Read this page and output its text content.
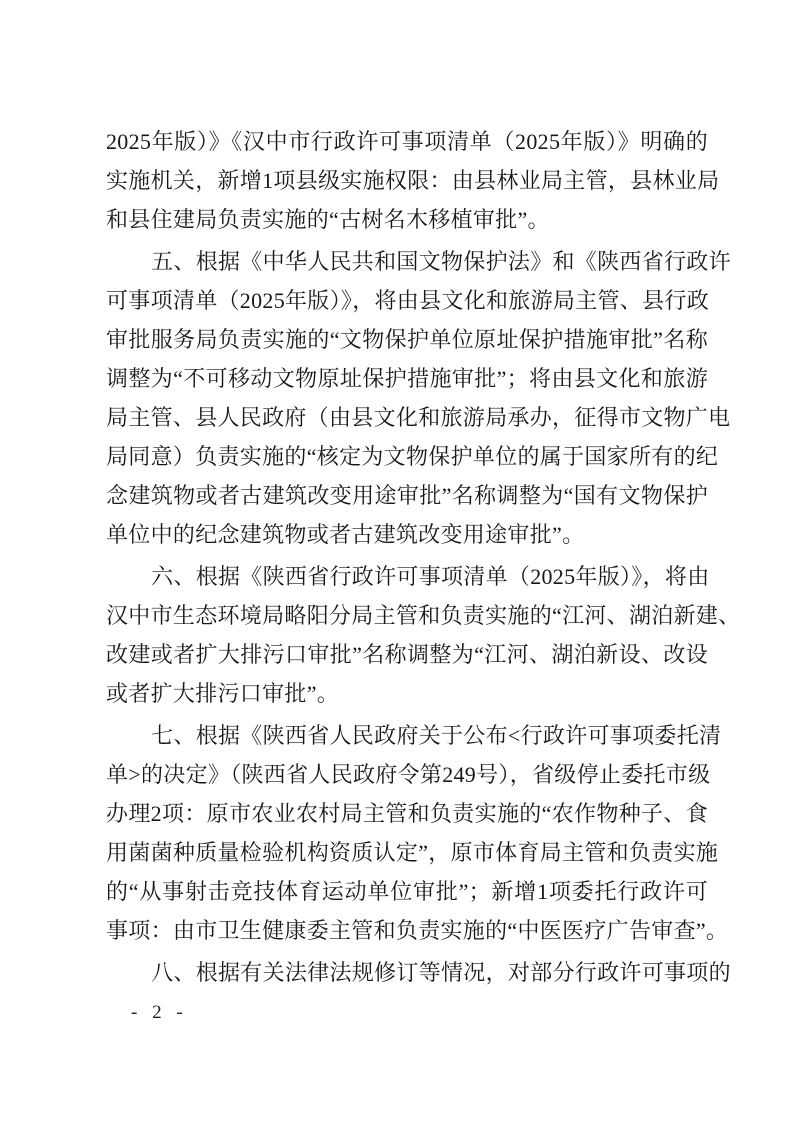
2025年版）》《汉中市行政许可事项清单（2025年版）》明确的
实施机关，新增1项县级实施权限：由县林业局主管，县林业局
和县住建局负责实施的“古树名木移植审批”。
五、根据《中华人民共和国文物保护法》和《陕西省行政许
可事项清单（2025年版）》，将由县文化和旅游局主管、县行政
审批服务局负责实施的“文物保护单位原址保护措施审批”名称
调整为“不可移动文物原址保护措施审批”；将由县文化和旅游
局主管、县人民政府（由县文化和旅游局承办，征得市文物广电
局同意）负责实施的“核定为文物保护单位的属于国家所有的纪
念建筑物或者古建筑改变用途审批”名称调整为“国有文物保护
单位中的纪念建筑物或者古建筑改变用途审批”。
六、根据《陕西省行政许可事项清单（2025年版）》，将由
汉中市生态环境局略阳分局主管和负责实施的“江河、湖泊新建、
改建或者扩大排污口审批”名称调整为“江河、湖泊新设、改设
或者扩大排污口审批”。
七、根据《陕西省人民政府关于公布<行政许可事项委托清
单>的决定》（陕西省人民政府令第249号），省级停止委托市级
办理2项：原市农业农村局主管和负责实施的“农作物种子、食
用菌菌种质量检验机构资质认定”，原市体育局主管和负责实施
的“从事射击竞技体育运动单位审批”；新增1项委托行政许可
事项：由市卫生健康委主管和负责实施的“中医医疗广告审查”。
八、根据有关法律法规修订等情况，对部分行政许可事项的
- 2 -
